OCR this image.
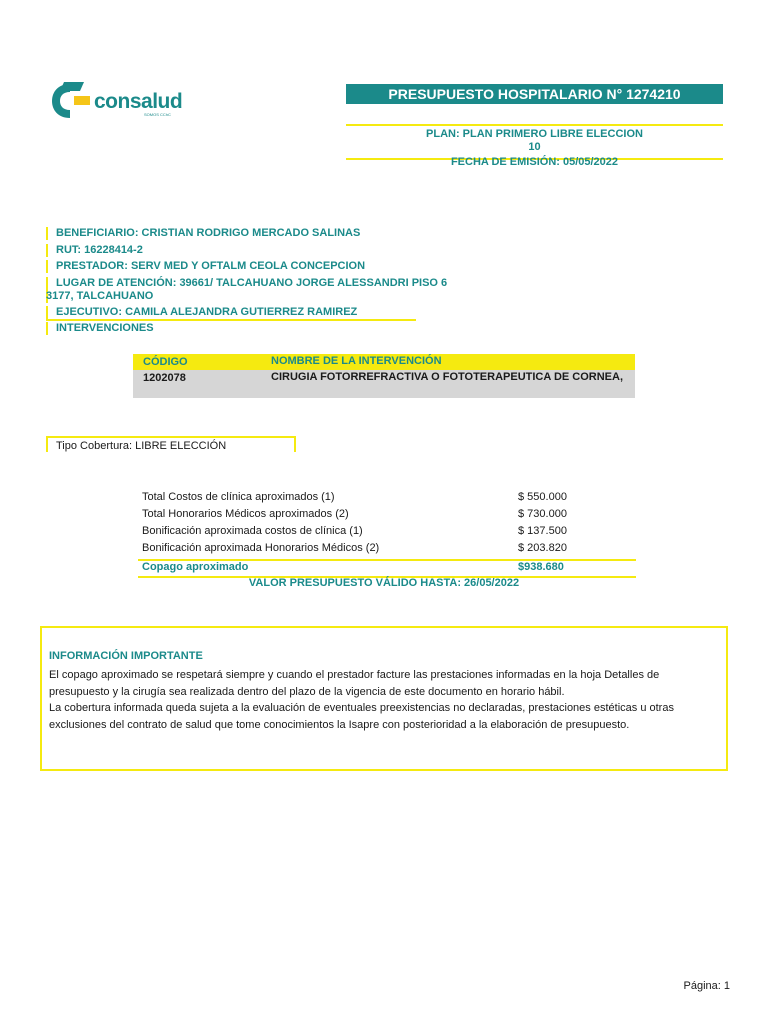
consalud
SOMOS CChC
PRESUPUESTO HOSPITALARIO N° 1274210
PLAN: PLAN PRIMERO LIBRE ELECCION
10
FECHA DE EMISIÓN: 05/05/2022
BENEFICIARIO: CRISTIAN RODRIGO MERCADO SALINAS
RUT: 16228414-2
PRESTADOR: SERV MED Y OFTALM CEOLA CONCEPCION
LUGAR DE ATENCIÓN: 39661/ TALCAHUANO JORGE ALESSANDRI PISO 6
3177, TALCAHUANO
EJECUTIVO: CAMILA ALEJANDRA GUTIERREZ RAMIREZ
INTERVENCIONES
CÓDIGO	NOMBRE DE LA INTERVENCIÓN
1202078	CIRUGIA FOTORREFRACTIVA O FOTOTERAPEUTICA DE CORNEA,
Tipo Cobertura: LIBRE ELECCIÓN
Total Costos de clínica aproximados (1)	$ 550.000
Total Honorarios Médicos aproximados (2)	$ 730.000
Bonificación aproximada costos de clínica (1)	$ 137.500
Bonificación aproximada Honorarios Médicos (2)	$ 203.820
Copago aproximado	$938.680
VALOR PRESUPUESTO VÁLIDO HASTA: 26/05/2022
INFORMACIÓN IMPORTANTE

El copago aproximado se respetará siempre y cuando el prestador facture las prestaciones informadas en la hoja Detalles de presupuesto y la cirugía sea realizada dentro del plazo de la vigencia de este documento en horario hábil.

La cobertura informada queda sujeta a la evaluación de eventuales preexistencias no declaradas, prestaciones estéticas u otras exclusiones del contrato de salud que tome conocimientos la Isapre con posterioridad a la elaboración de presupuesto.

Página: 1
